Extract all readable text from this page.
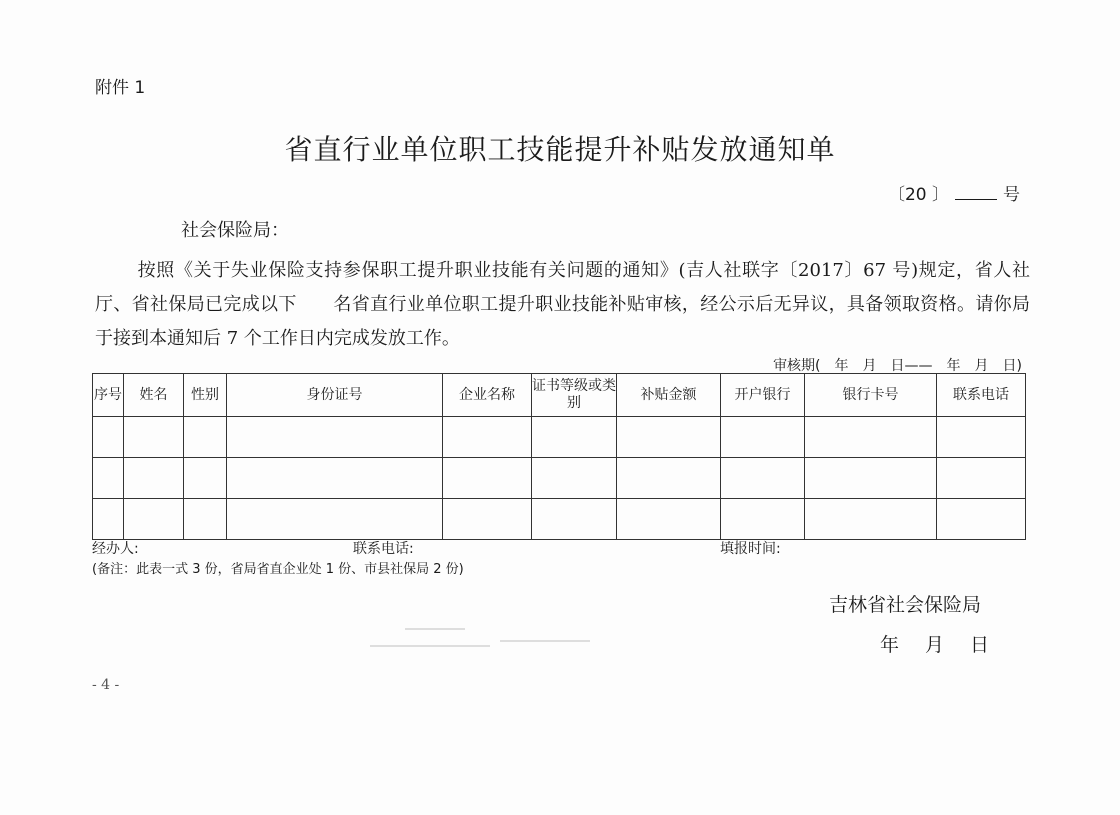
附件 1
省直行业单位职工技能提升补贴发放通知单
〔20 〕	号
社会保险局：
按照《关于失业保险支持参保职工提升职业技能有关问题的通知》(吉人社联字〔2017〕67 号)规定，省人社厅、省社保局已完成以下　　名省直行业单位职工提升职业技能补贴审核，经公示后无异议，具备领取资格。请你局于接到本通知后 7 个工作日内完成发放工作。
审核期( 年　月　日—— 年　月　日)
序号	姓名	性别	身份证号	企业名称	证书等级或类别	补贴金额	开户银行	银行卡号	联系电话

经办人:	联系电话:	填报时间:
(备注：此表一式 3 份，省局省直企业处 1 份、市县社保局 2 份)
吉林省社会保险局
年 月 日
- 4 -
